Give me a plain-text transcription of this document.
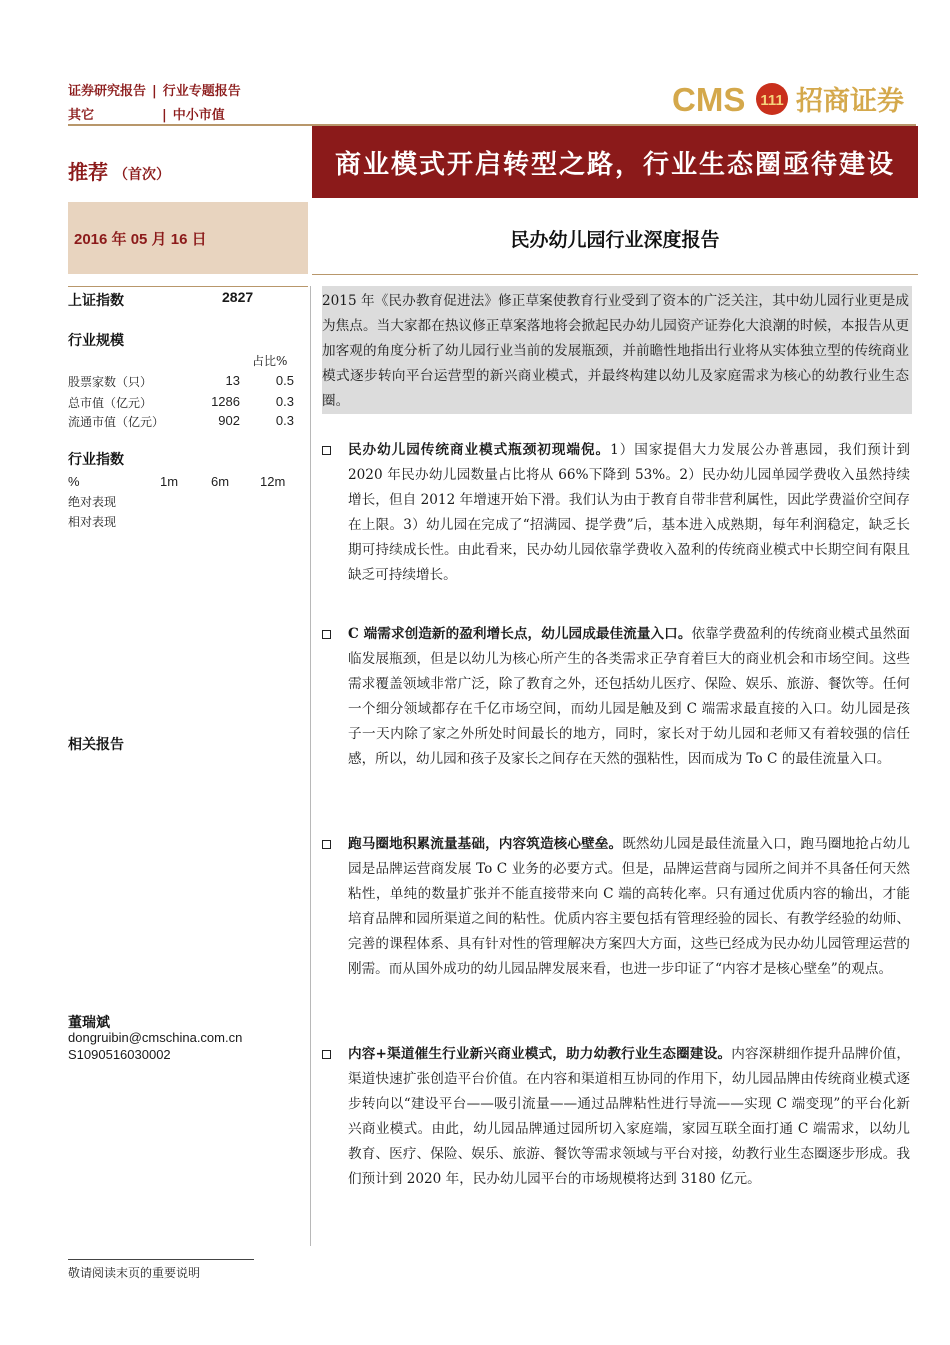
证券研究报告 | 行业专题报告
其它	| 中小市值	CMS 111 招商证券
推荐 （首次）	商业模式开启转型之路，行业生态圈亟待建设
2016 年 05 月 16 日	民办幼儿园行业深度报告
上证指数	2827
行业规模
占比%
股票家数（只）	13	0.5
总市值（亿元）	1286	0.3
流通市值（亿元）	902	0.3
行业指数
%	1m	6m 12m
绝对表现
相对表现
相关报告
董瑞斌
dongruibin@cmschina.com.cn
S1090516030002
2015 年《民办教育促进法》修正草案使教育行业受到了资本的广泛关注，其中幼儿园行业更是成为焦点。当大家都在热议修正草案落地将会掀起民办幼儿园资产证券化大浪潮的时候，本报告从更加客观的角度分析了幼儿园行业当前的发展瓶颈，并前瞻性地指出行业将从实体独立型的传统商业模式逐步转向平台运营型的新兴商业模式，并最终构建以幼儿及家庭需求为核心的幼教行业生态圈。
民办幼儿园传统商业模式瓶颈初现端倪。1）国家提倡大力发展公办普惠园，我们预计到 2020 年民办幼儿园数量占比将从 66%下降到 53%。2）民办幼儿园单园学费收入虽然持续增长，但自 2012 年增速开始下滑。我们认为由于教育自带非营利属性，因此学费溢价空间存在上限。3）幼儿园在完成了“招满园、提学费”后，基本进入成熟期，每年利润稳定，缺乏长期可持续成长性。由此看来，民办幼儿园依靠学费收入盈利的传统商业模式中长期空间有限且缺乏可持续增长。
C 端需求创造新的盈利增长点，幼儿园成最佳流量入口。依靠学费盈利的传统商业模式虽然面临发展瓶颈，但是以幼儿为核心所产生的各类需求正孕育着巨大的商业机会和市场空间。这些需求覆盖领域非常广泛，除了教育之外，还包括幼儿医疗、保险、娱乐、旅游、餐饮等。任何一个细分领域都存在千亿市场空间，而幼儿园是触及到 C 端需求最直接的入口。幼儿园是孩子一天内除了家之外所处时间最长的地方，同时，家长对于幼儿园和老师又有着较强的信任感，所以，幼儿园和孩子及家长之间存在天然的强粘性，因而成为 To C 的最佳流量入口。
跑马圈地积累流量基础，内容筑造核心壁垒。既然幼儿园是最佳流量入口，跑马圈地抢占幼儿园是品牌运营商发展 To C 业务的必要方式。但是，品牌运营商与园所之间并不具备任何天然粘性，单纯的数量扩张并不能直接带来向 C 端的高转化率。只有通过优质内容的输出，才能培育品牌和园所渠道之间的粘性。优质内容主要包括有管理经验的园长、有教学经验的幼师、完善的课程体系、具有针对性的管理解决方案四大方面，这些已经成为民办幼儿园管理运营的刚需。而从国外成功的幼儿园品牌发展来看，也进一步印证了“内容才是核心壁垒”的观点。
内容+渠道催生行业新兴商业模式，助力幼教行业生态圈建设。内容深耕细作提升品牌价值，渠道快速扩张创造平台价值。在内容和渠道相互协同的作用下，幼儿园品牌由传统商业模式逐步转向以“建设平台——吸引流量——通过品牌粘性进行导流——实现 C 端变现”的平台化新兴商业模式。由此，幼儿园品牌通过园所切入家庭端，家园互联全面打通 C 端需求，以幼儿教育、医疗、保险、娱乐、旅游、餐饮等需求领域与平台对接，幼教行业生态圈逐步形成。我们预计到 2020 年，民办幼儿园平台的市场规模将达到 3180 亿元。
敬请阅读末页的重要说明
